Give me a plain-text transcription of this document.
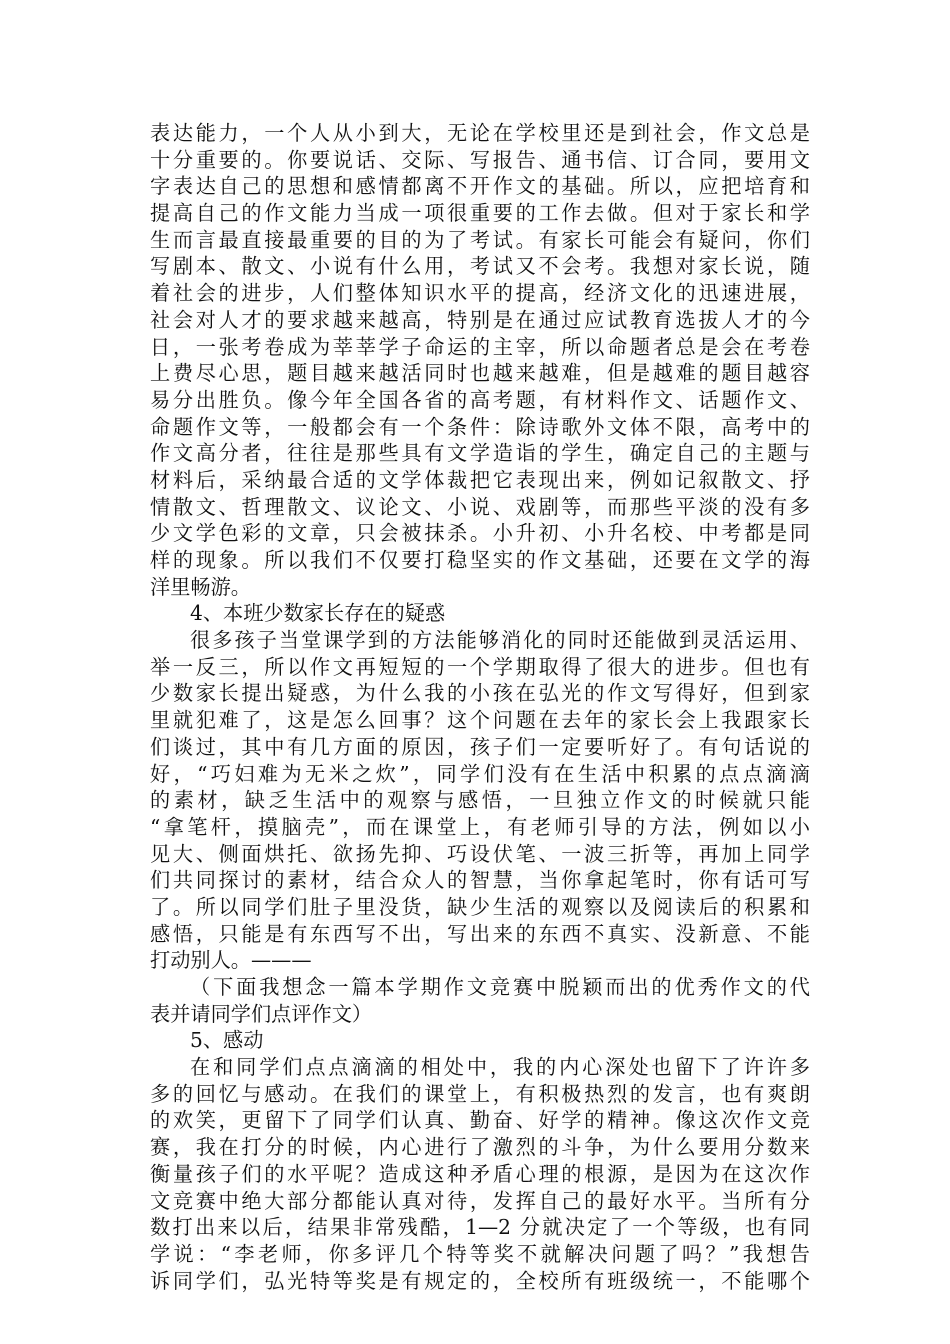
表达能力，一个人从小到大，无论在学校里还是到社会，作文总是
十分重要的。你要说话、交际、写报告、通书信、订合同，要用文
字表达自己的思想和感情都离不开作文的基础。所以，应把培育和
提高自己的作文能力当成一项很重要的工作去做。但对于家长和学
生而言最直接最重要的目的为了考试。有家长可能会有疑问，你们
写剧本、散文、小说有什么用，考试又不会考。我想对家长说，随
着社会的进步，人们整体知识水平的提高，经济文化的迅速进展，
社会对人才的要求越来越高，特别是在通过应试教育选拔人才的今
日，一张考卷成为莘莘学子命运的主宰，所以命题者总是会在考卷
上费尽心思，题目越来越活同时也越来越难，但是越难的题目越容
易分出胜负。像今年全国各省的高考题，有材料作文、话题作文、
命题作文等，一般都会有一个条件：除诗歌外文体不限，高考中的
作文高分者，往往是那些具有文学造诣的学生，确定自己的主题与
材料后，采纳最合适的文学体裁把它表现出来，例如记叙散文、抒
情散文、哲理散文、议论文、小说、戏剧等，而那些平淡的没有多
少文学色彩的文章，只会被抹杀。小升初、小升名校、中考都是同
样的现象。所以我们不仅要打稳坚实的作文基础，还要在文学的海
洋里畅游。
4、本班少数家长存在的疑惑
很多孩子当堂课学到的方法能够消化的同时还能做到灵活运用、
举一反三，所以作文再短短的一个学期取得了很大的进步。但也有
少数家长提出疑惑，为什么我的小孩在弘光的作文写得好，但到家
里就犯难了，这是怎么回事？这个问题在去年的家长会上我跟家长
们谈过，其中有几方面的原因，孩子们一定要听好了。有句话说的
好，“巧妇难为无米之炊”，同学们没有在生活中积累的点点滴滴
的素材，缺乏生活中的观察与感悟，一旦独立作文的时候就只能
“拿笔杆，摸脑壳”，而在课堂上，有老师引导的方法，例如以小
见大、侧面烘托、欲扬先抑、巧设伏笔、一波三折等，再加上同学
们共同探讨的素材，结合众人的智慧，当你拿起笔时，你有话可写
了。所以同学们肚子里没货，缺少生活的观察以及阅读后的积累和
感悟，只能是有东西写不出，写出来的东西不真实、没新意、不能
打动别人。———
（下面我想念一篇本学期作文竞赛中脱颖而出的优秀作文的代
表并请同学们点评作文）
5、感动
在和同学们点点滴滴的相处中，我的内心深处也留下了许许多
多的回忆与感动。在我们的课堂上，有积极热烈的发言，也有爽朗
的欢笑，更留下了同学们认真、勤奋、好学的精神。像这次作文竞
赛，我在打分的时候，内心进行了激烈的斗争，为什么要用分数来
衡量孩子们的水平呢？造成这种矛盾心理的根源，是因为在这次作
文竞赛中绝大部分都能认真对待，发挥自己的最好水平。当所有分
数打出来以后，结果非常残酷，1—2 分就决定了一个等级，也有同
学说：“李老师，你多评几个特等奖不就解决问题了吗？”我想告
诉同学们，弘光特等奖是有规定的，全校所有班级统一，不能哪个
